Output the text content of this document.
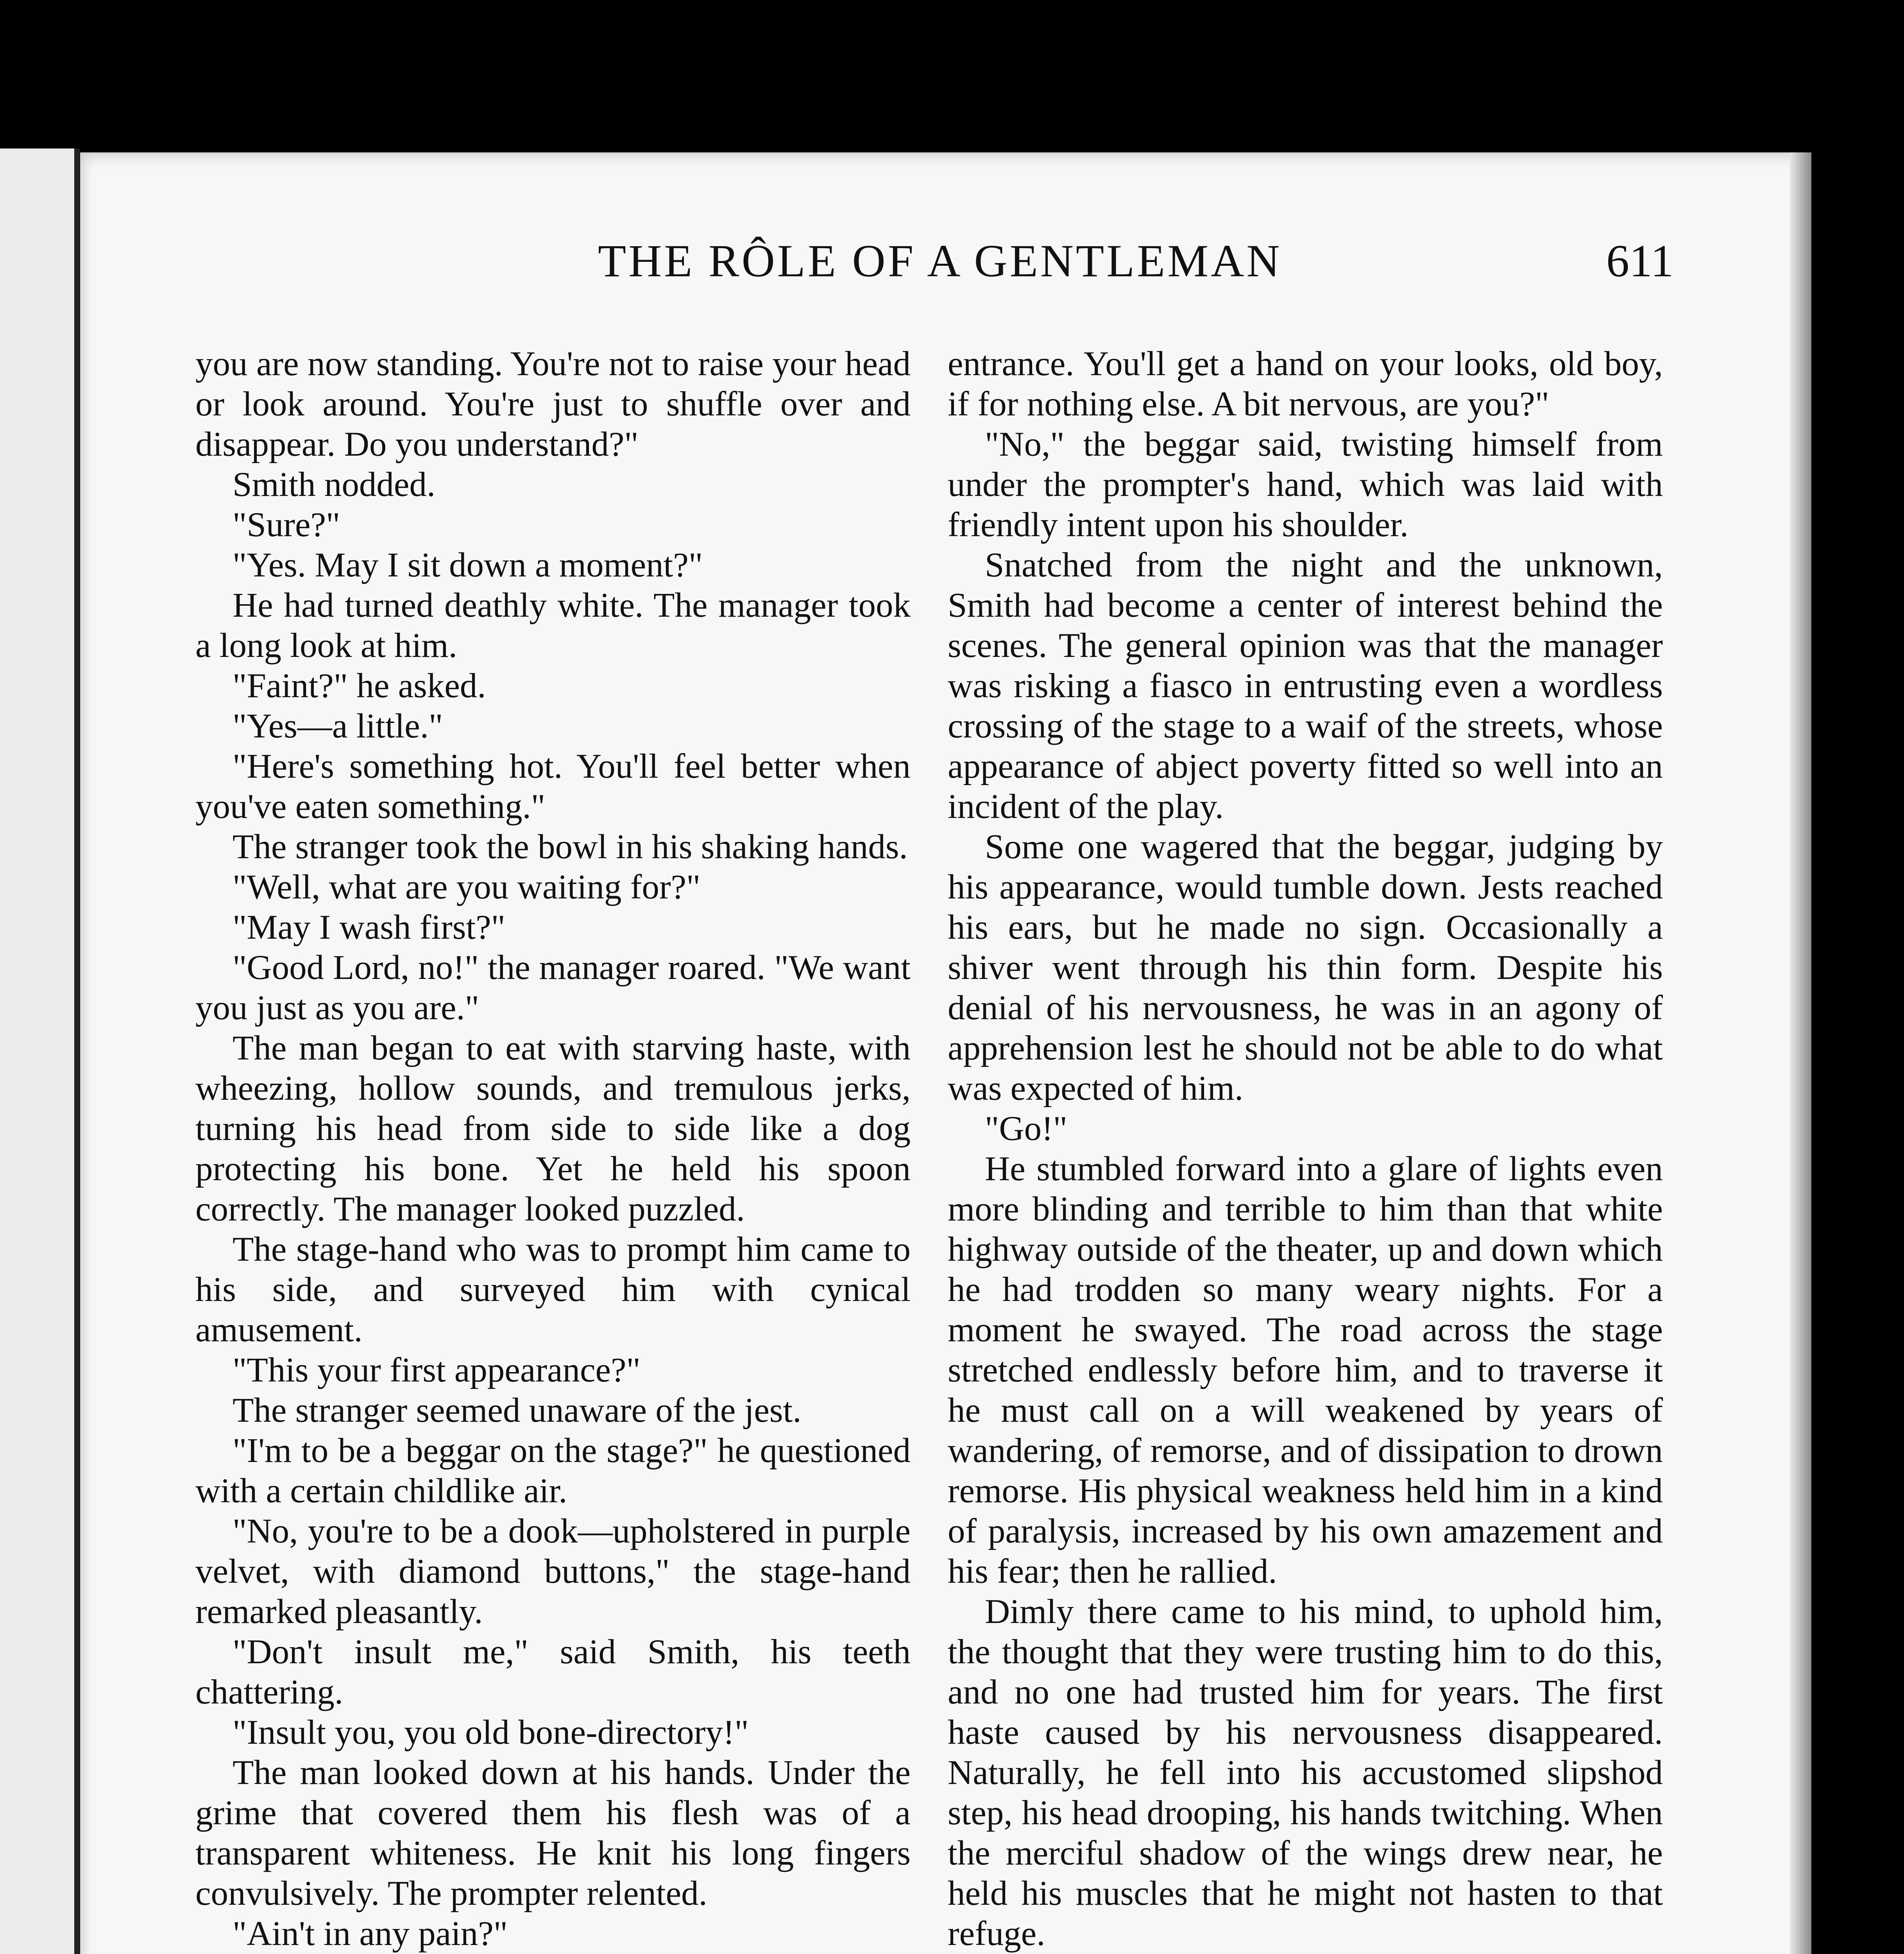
THE RÔLE OF A GENTLEMAN	611

you are now standing. You're not to raise your head or look around. You're just to shuffle over and disappear. Do you understand?"

Smith nodded.

"Sure?"

"Yes. May I sit down a moment?"

He had turned deathly white. The manager took a long look at him.

"Faint?" he asked.

"Yes—a little."

"Here's something hot. You'll feel better when you've eaten something."

The stranger took the bowl in his shaking hands.

"Well, what are you waiting for?"

"May I wash first?"

"Good Lord, no!" the manager roared. "We want you just as you are."

The man began to eat with starving haste, with wheezing, hollow sounds, and tremulous jerks, turning his head from side to side like a dog protecting his bone. Yet he held his spoon correctly. The manager looked puzzled.

The stage-hand who was to prompt him came to his side, and surveyed him with cynical amusement.

"This your first appearance?"

The stranger seemed unaware of the jest.

"I'm to be a beggar on the stage?" he questioned with a certain childlike air.

"No, you're to be a dook—upholstered in purple velvet, with diamond buttons," the stage-hand remarked pleasantly.

"Don't insult me," said Smith, his teeth chattering.

"Insult you, you old bone-directory!"

The man looked down at his hands. Under the grime that covered them his flesh was of a transparent whiteness. He knit his long fingers convulsively. The prompter relented.

"Ain't in any pain?"

entrance. You'll get a hand on your looks, old boy, if for nothing else. A bit nervous, are you?"

"No," the beggar said, twisting himself from under the prompter's hand, which was laid with friendly intent upon his shoulder.

Snatched from the night and the unknown, Smith had become a center of interest behind the scenes. The general opinion was that the manager was risking a fiasco in entrusting even a wordless crossing of the stage to a waif of the streets, whose appearance of abject poverty fitted so well into an incident of the play.

Some one wagered that the beggar, judging by his appearance, would tumble down. Jests reached his ears, but he made no sign. Occasionally a shiver went through his thin form. Despite his denial of his nervousness, he was in an agony of apprehension lest he should not be able to do what was expected of him.

"Go!"

He stumbled forward into a glare of lights even more blinding and terrible to him than that white highway outside of the theater, up and down which he had trodden so many weary nights. For a moment he swayed. The road across the stage stretched endlessly before him, and to traverse it he must call on a will weakened by years of wandering, of remorse, and of dissipation to drown remorse. His physical weakness held him in a kind of paralysis, increased by his own amazement and his fear; then he rallied.

Dimly there came to his mind, to uphold him, the thought that they were trusting him to do this, and no one had trusted him for years. The first haste caused by his nervousness disappeared. Naturally, he fell into his accustomed slipshod step, his head drooping, his hands twitching. When the merciful shadow of the wings drew near, he held his muscles that he might not hasten to that refuge.
